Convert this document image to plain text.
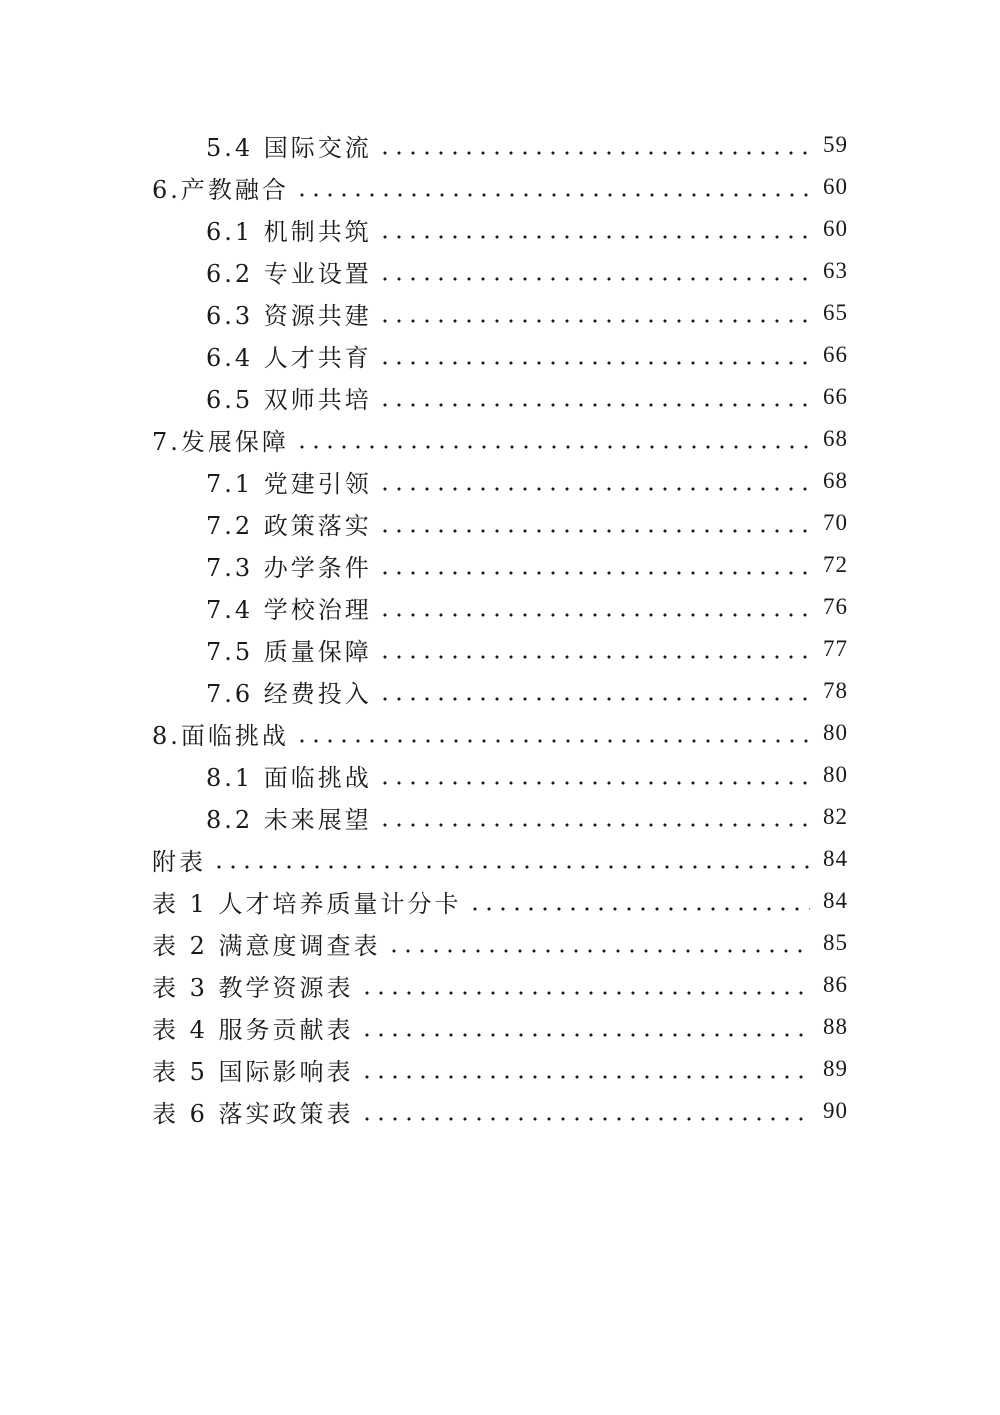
5.4 国际交流	59
6.产教融合	60
6.1 机制共筑	60
6.2 专业设置	63
6.3 资源共建	65
6.4 人才共育	66
6.5 双师共培	66
7.发展保障	68
7.1 党建引领	68
7.2 政策落实	70
7.3 办学条件	72
7.4 学校治理	76
7.5 质量保障	77
7.6 经费投入	78
8.面临挑战	80
8.1 面临挑战	80
8.2 未来展望	82
附表	84
表 1 人才培养质量计分卡	84
表 2 满意度调查表	85
表 3 教学资源表	86
表 4 服务贡献表	88
表 5 国际影响表	89
表 6 落实政策表	90
